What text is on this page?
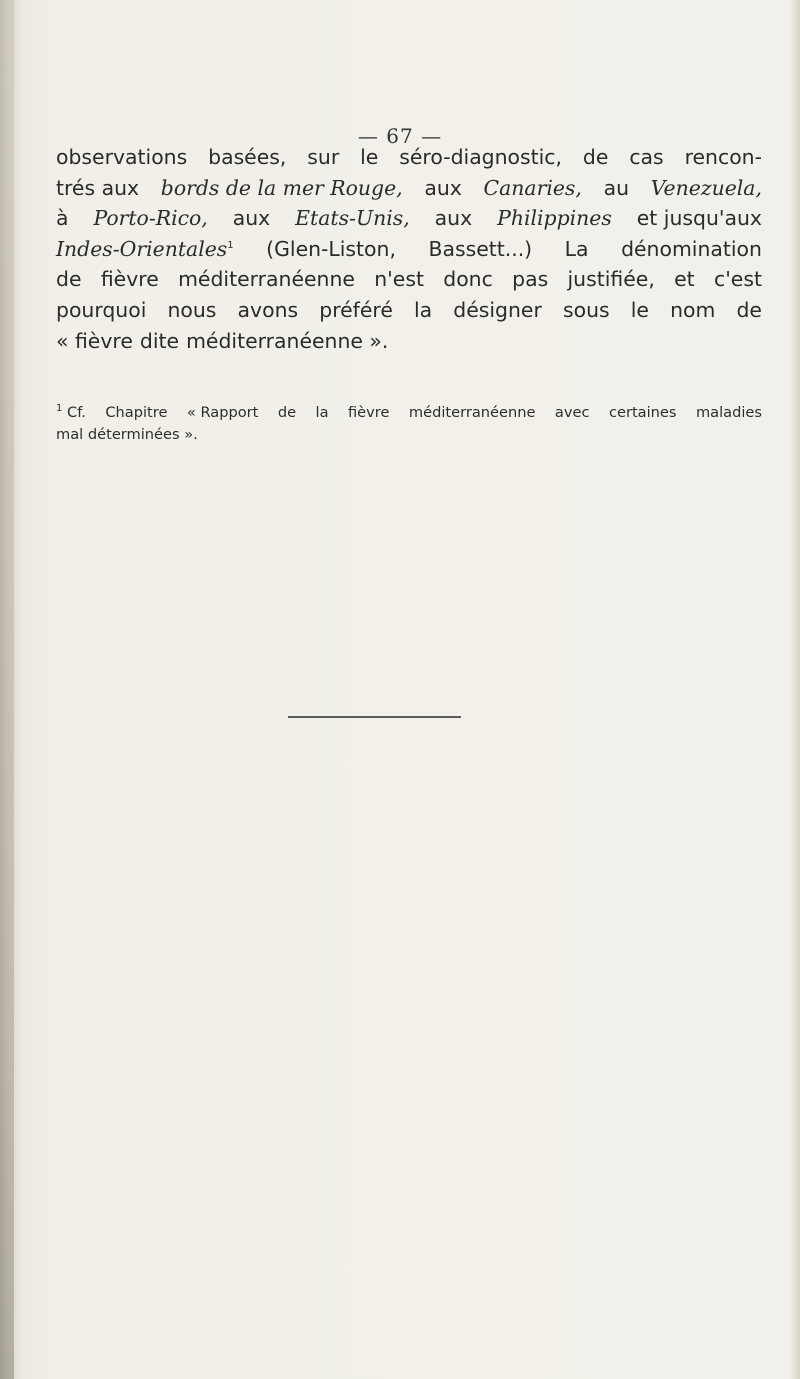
— 67 —
observations basées, sur le séro-diagnostic, de cas rencon-
trés aux bords de la mer Rouge, aux Canaries, au Venezuela,
à Porto-Rico, aux Etats-Unis, aux Philippines et jusqu'aux
Indes-Orientales$^1$ (Glen-Liston, Bassett...) La dénomination
de fièvre méditerranéenne n'est donc pas justifiée, et c'est
pourquoi nous avons préféré la désigner sous le nom de
« fièvre dite méditerranéenne ».
$^1$ Cf. Chapitre « Rapport de la fièvre méditerranéenne avec certaines maladies
mal déterminées ».
